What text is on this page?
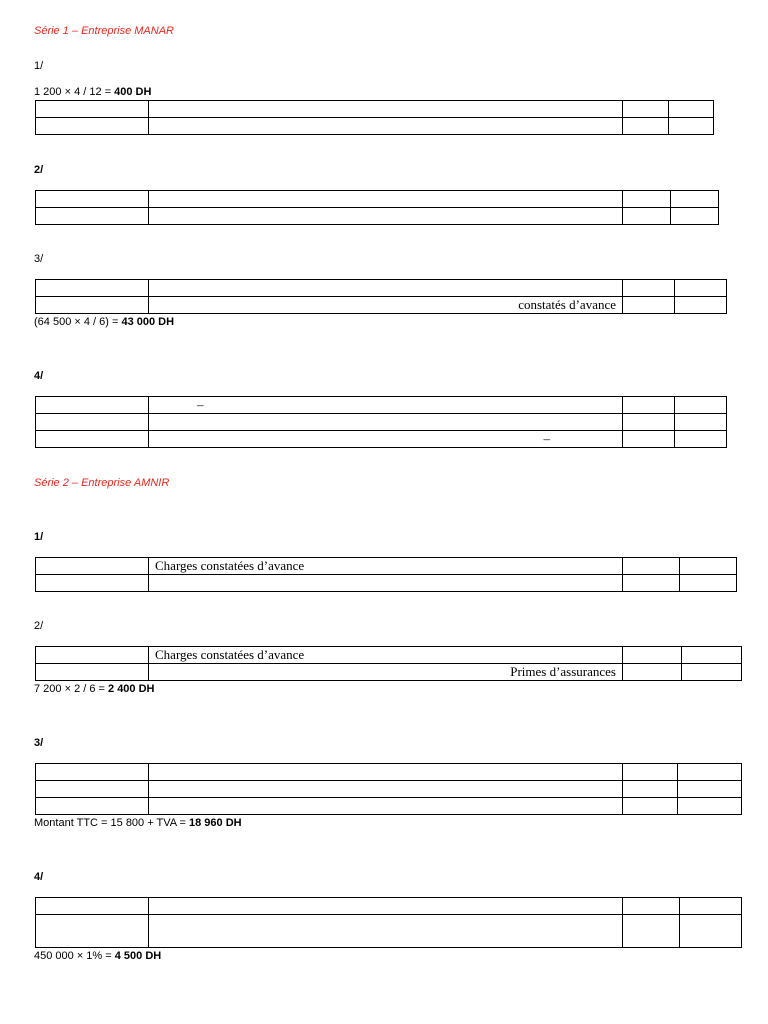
Série 1 – Entreprise MANAR
1/
1 200 × 4 / 12 = 400 DH

2/

3/

	constatés d’avance		
(64 500 × 4 / 6) = 43 000 DH
4/
	–		

	–		
Série 2 – Entreprise AMNIR
1/
	Charges constatées d’avance		

2/
	Charges constatées d’avance		
	Primes d’assurances		
7 200 × 2 / 6 = 2 400 DH
3/

Montant TTC = 15 800 + TVA = 18 960 DH
4/

450 000 × 1% = 4 500 DH
